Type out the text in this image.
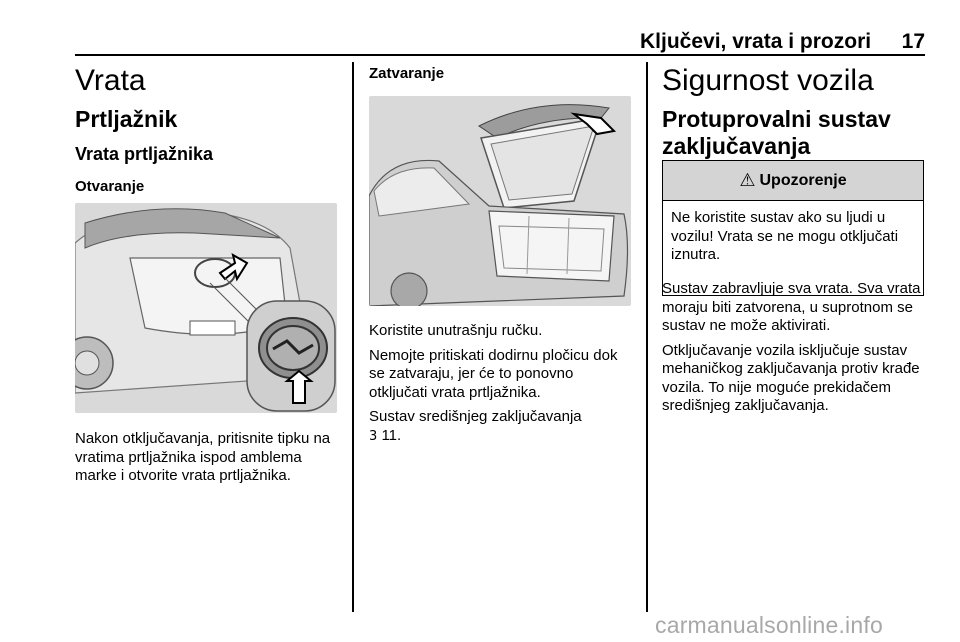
Ključevi, vrata i prozori 17
Vrata
Prtljažnik
Vrata prtljažnika
Otvaranje

Nakon otključavanja, pritisnite tipku na vratima prtljažnika ispod amblema marke i otvorite vrata prtljažnika.

Zatvaranje

Koristite unutrašnju ručku.

Nemojte pritiskati dodirnu pločicu dok se zatvaraju, jer će to ponovno otključati vrata prtljažnika.

Sustav središnjeg zaključavanja
3 11.

Sigurnost vozila
Protuprovalni sustav zaključavanja
⚠ Upozorenje
Ne koristite sustav ako su ljudi u vozilu! Vrata se ne mogu otključati iznutra.

Sustav zabravljuje sva vrata. Sva vrata moraju biti zatvorena, u suprotnom se sustav ne može aktivirati.

Otključavanje vozila isključuje sustav mehaničkog zaključavanja protiv krađe vozila. To nije moguće prekidačem središnjeg zaključavanja.

carmanualsonline.info
